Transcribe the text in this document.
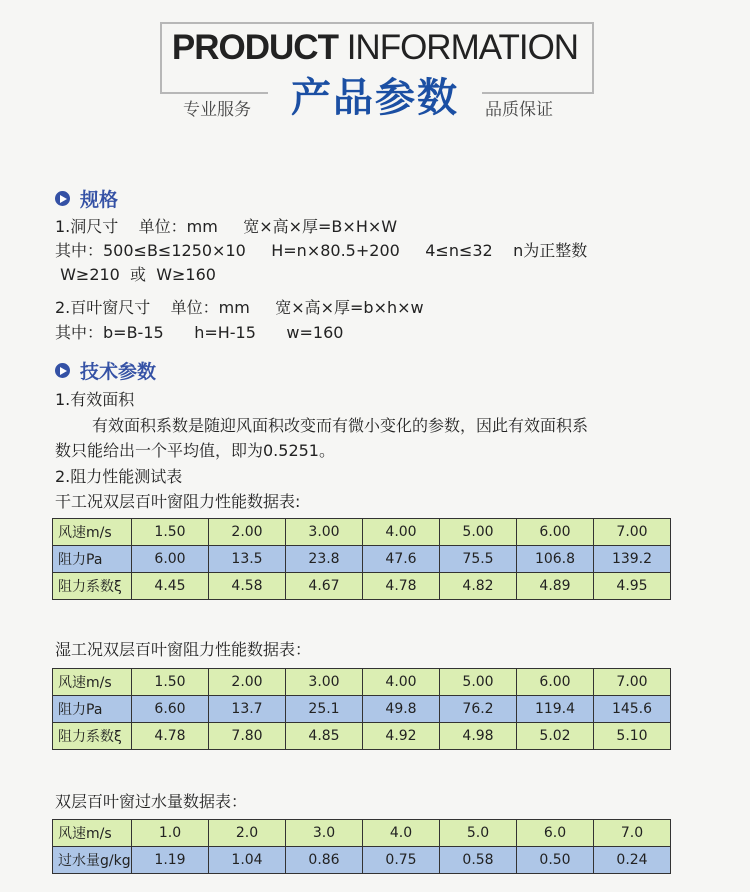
PRODUCT INFORMATION
产品参数
专业服务	品质保证
规格
1.洞尺寸    单位：mm     宽×高×厚=B×H×W
其中：500≤B≤1250×10     H=n×80.5+200     4≤n≤32    n为正整数
W≥210  或  W≥160
2.百叶窗尺寸    单位：mm     宽×高×厚=b×h×w
其中：b=B-15      h=H-15      w=160
技术参数
1.有效面积
有效面积系数是随迎风面积改变而有微小变化的参数，因此有效面积系
数只能给出一个平均值，即为0.5251。
2.阻力性能测试表
干工况双层百叶窗阻力性能数据表:
风速m/s	1.50	2.00	3.00	4.00	5.00	6.00	7.00
阻力Pa	6.00	13.5	23.8	47.6	75.5	106.8	139.2
阻力系数ξ	4.45	4.58	4.67	4.78	4.82	4.89	4.95
湿工况双层百叶窗阻力性能数据表：
风速m/s	1.50	2.00	3.00	4.00	5.00	6.00	7.00
阻力Pa	6.60	13.7	25.1	49.8	76.2	119.4	145.6
阻力系数ξ	4.78	7.80	4.85	4.92	4.98	5.02	5.10
双层百叶窗过水量数据表：
风速m/s	1.0	2.0	3.0	4.0	5.0	6.0	7.0
过水量g/kg	1.19	1.04	0.86	0.75	0.58	0.50	0.24
